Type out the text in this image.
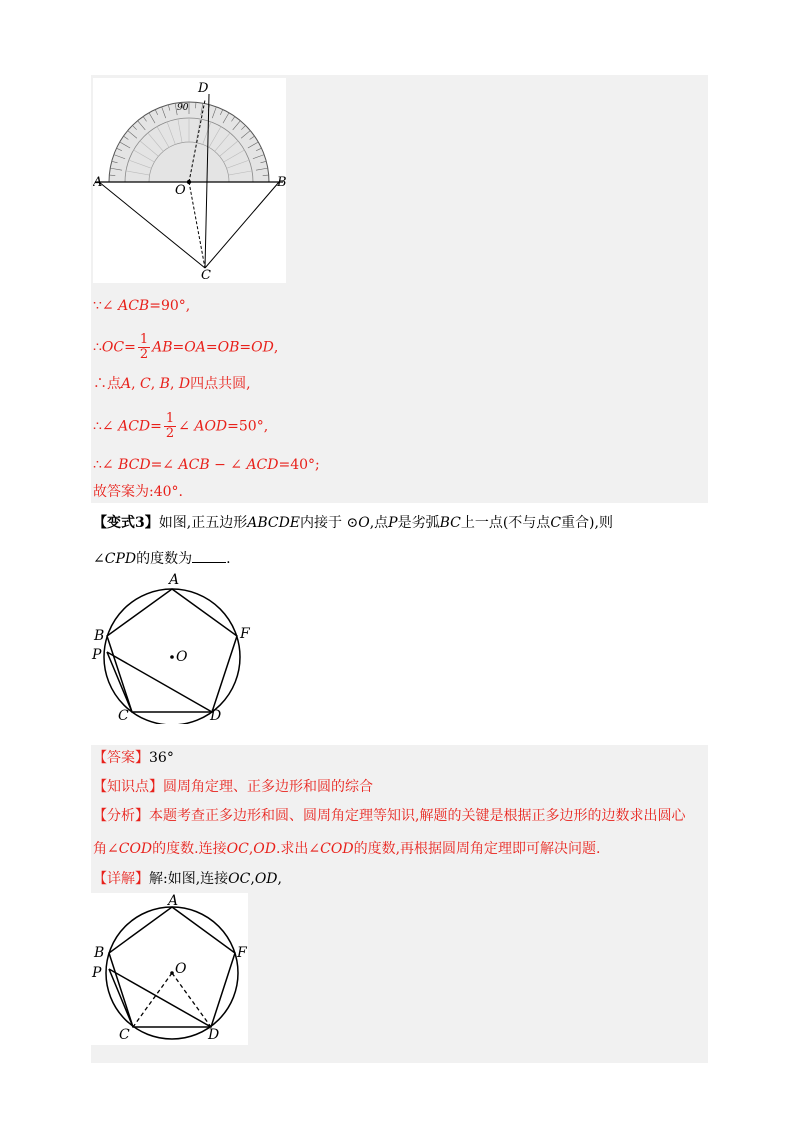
D
90
A
O
B
C
∵∠ ACB=90°,
∴OC= $\frac{1}{2} AB=OA=OB=OD$,
∴点A, C, B, D四点共圆,
∴∠ $ACD= \frac{1}{2}$ ∠ AOD=50°,
∴∠ BCD=∠ ACB − ∠ ACD=40°;
故答案为:40°.
【变式3】如图,正五边形ABCDE内接于 ⊙O,点P是劣弧BC上一点(不与点C重合),则
∠CPD的度数为 .
A
B
P	O
F
C	D
【答案】36°
【知识点】圆周角定理、正多边形和圆的综合
【分析】本题考查正多边形和圆、圆周角定理等知识,解题的关键是根据正多边形的边数求出圆心
角∠COD的度数.连接OC,OD.求出∠COD的度数,再根据圆周角定理即可解决问题.
【详解】解:如图,连接OC,OD,
A
B
P	O
F
C	D
